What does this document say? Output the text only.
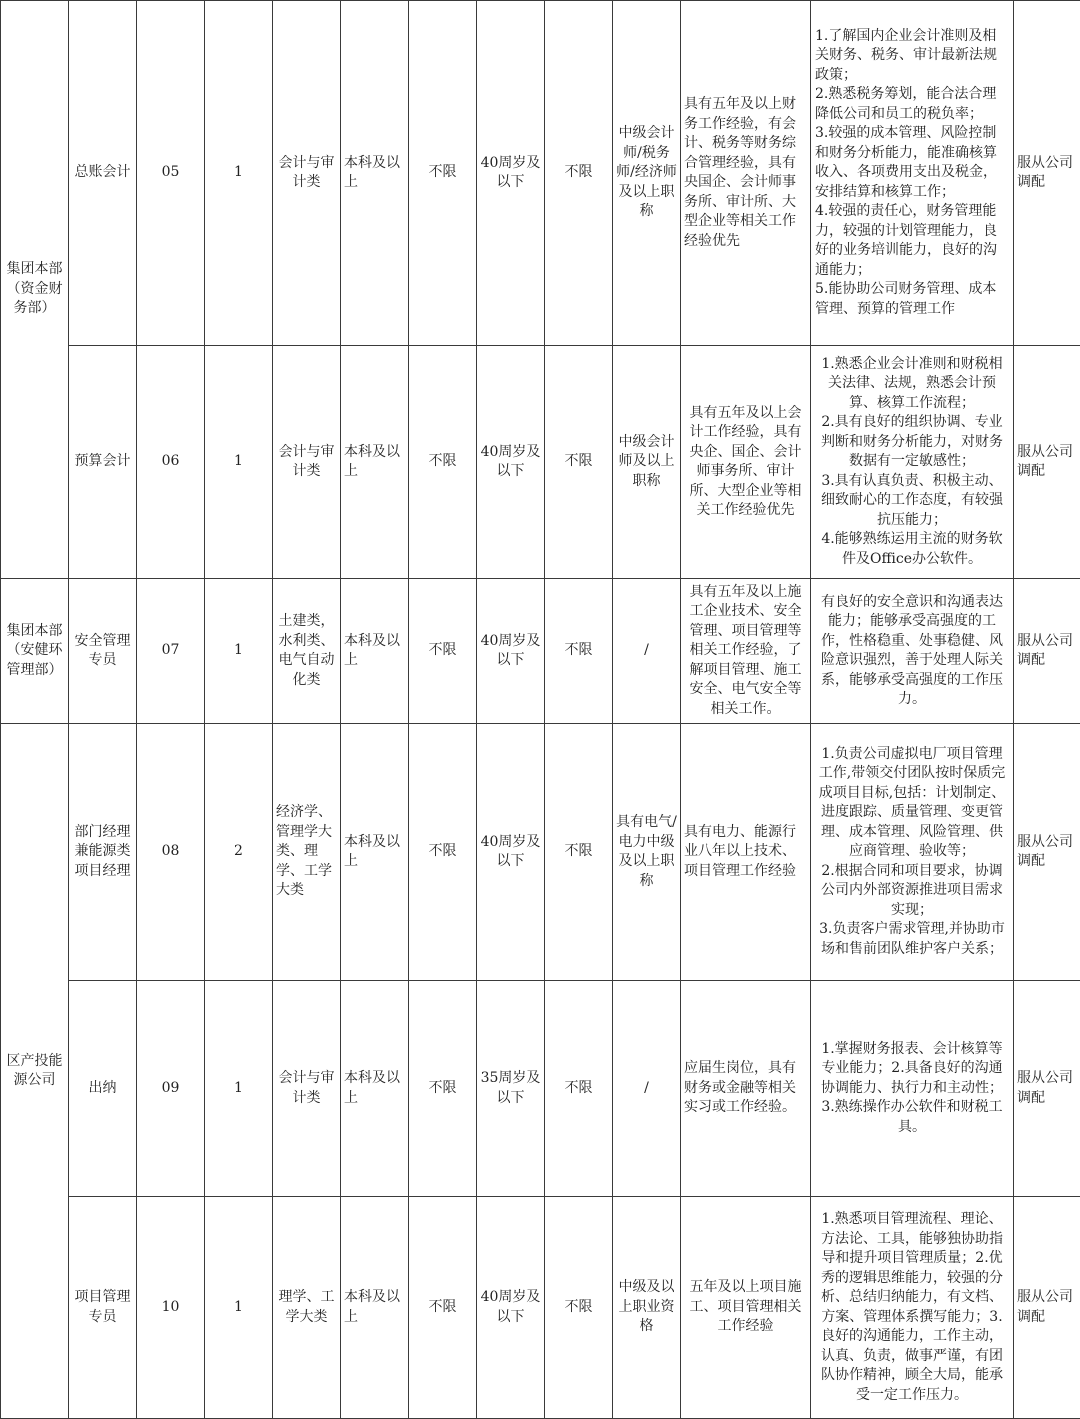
集团本部（资金财务部）	总账会计	05	1	会计与审计类	本科及以上	不限	40周岁及以下	不限	中级会计师/税务师/经济师及以上职称	具有五年及以上财务工作经验，有会计、税务等财务综合管理经验，具有央国企、会计师事务所、审计所、大型企业等相关工作经验优先	1.了解国内企业会计准则及相关财务、税务、审计最新法规政策；
2.熟悉税务筹划，能合法合理降低公司和员工的税负率；
3.较强的成本管理、风险控制和财务分析能力，能准确核算收入、各项费用支出及税金，安排结算和核算工作；
4.较强的责任心，财务管理能力，较强的计划管理能力，良好的业务培训能力，良好的沟通能力；
5.能协助公司财务管理、成本管理、预算的管理工作	服从公司调配
	预算会计	06	1	会计与审计类	本科及以上	不限	40周岁及以下	不限	中级会计师及以上职称	具有五年及以上会计工作经验，具有央企、国企、会计师事务所、审计所、大型企业等相关工作经验优先	1.熟悉企业会计准则和财税相关法律、法规，熟悉会计预算、核算工作流程；
2.具有良好的组织协调、专业判断和财务分析能力，对财务数据有一定敏感性；
3.具有认真负责、积极主动、细致耐心的工作态度，有较强抗压能力；
4.能够熟练运用主流的财务软件及Office办公软件。	服从公司调配
集团本部（安健环管理部）	安全管理专员	07	1	土建类，水利类、电气自动化类	本科及以上	不限	40周岁及以下	不限	/	具有五年及以上施工企业技术、安全管理、项目管理等相关工作经验，了解项目管理、施工安全、电气安全等相关工作。	有良好的安全意识和沟通表达能力；能够承受高强度的工作，性格稳重、处事稳健、风险意识强烈，善于处理人际关系，能够承受高强度的工作压力。	服从公司调配
区产投能源公司	部门经理兼能源类项目经理	08	2	经济学、管理学大类、理学、工学大类	本科及以上	不限	40周岁及以下	不限	具有电气/电力中级及以上职称	具有电力、能源行业八年以上技术、项目管理工作经验	1.负责公司虚拟电厂项目管理工作,带领交付团队按时保质完成项目目标,包括：计划制定、进度跟踪、质量管理、变更管理、成本管理、风险管理、供应商管理、验收等；
2.根据合同和项目要求，协调公司内外部资源推进项目需求实现；
3.负责客户需求管理,并协助市场和售前团队维护客户关系；	服从公司调配
	出纳	09	1	会计与审计类	本科及以上	不限	35周岁及以下	不限	/	应届生岗位，具有财务或金融等相关实习或工作经验。	1.掌握财务报表、会计核算等专业能力；2.具备良好的沟通协调能力、执行力和主动性；3.熟练操作办公软件和财税工具。	服从公司调配
	项目管理专员	10	1	理学、工学大类	本科及以上	不限	40周岁及以下	不限	中级及以上职业资格	五年及以上项目施工、项目管理相关工作经验	1.熟悉项目管理流程、理论、方法论、工具，能够独协助指导和提升项目管理质量；2.优秀的逻辑思维能力，较强的分析、总结归纳能力，有文档、方案、管理体系撰写能力；3.良好的沟通能力，工作主动，认真、负责，做事严谨，有团队协作精神，顾全大局，能承受一定工作压力。	服从公司调配
